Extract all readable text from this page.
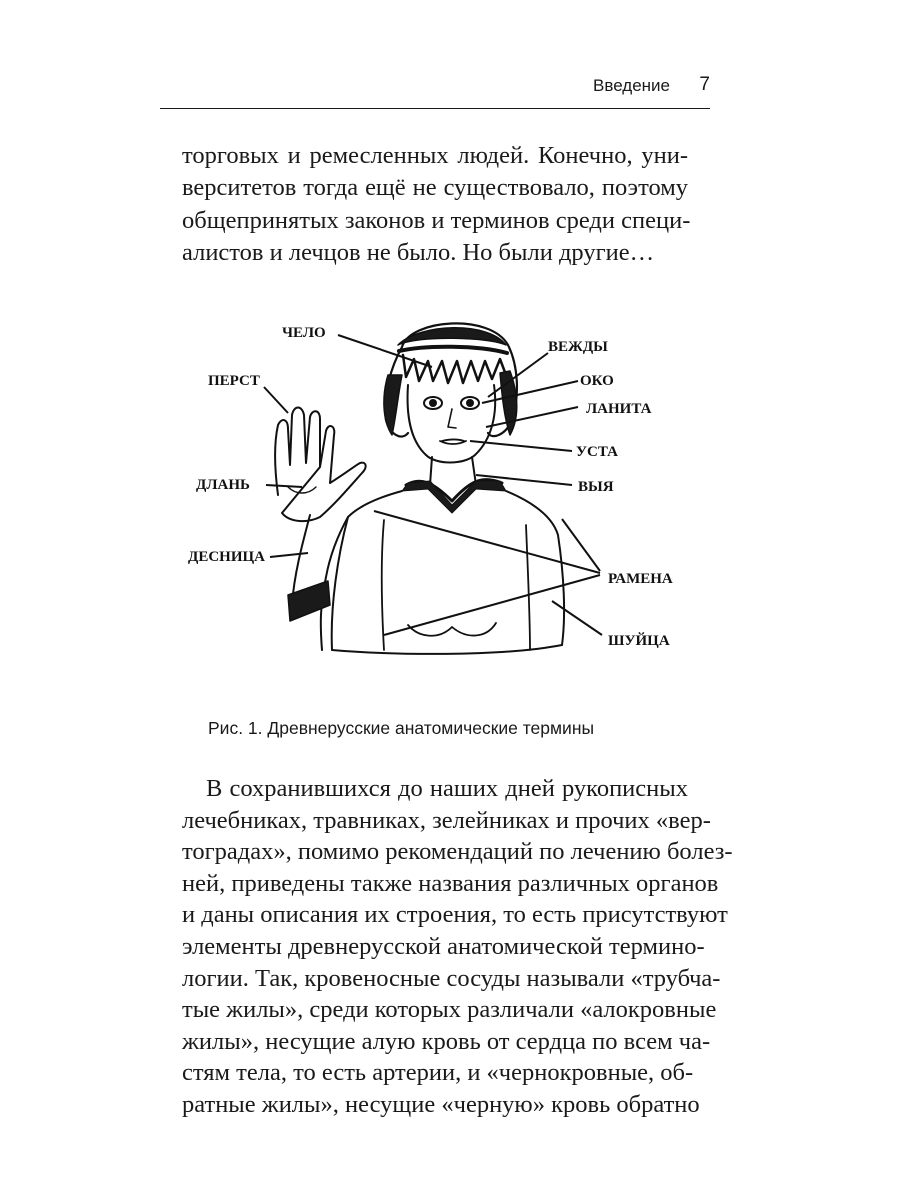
Введение 7

торговых и ремесленных людей. Конечно, уни-
верситетов тогда ещё не существовало, поэтому
общепринятых законов и терминов среди специ-
алистов и лечцов не было. Но были другие…

ЧЕЛО
ВЕЖДЫ
ОКО
ПЕРСТ
ЛАНИТА
УСТА
ДЛАНЬ	ВЫЯ
ДЕСНИЦА
РАМЕНА
ШУЙЦА
Рис. 1. Древнерусские анатомические термины

В сохранившихся до наших дней рукописных
лечебниках, травниках, зелейниках и прочих «вер-
тоградах», помимо рекомендаций по лечению болез-
ней, приведены также названия различных органов
и даны описания их строения, то есть присутствуют
элементы древнерусской анатомической термино-
логии. Так, кровеносные сосуды называли «трубча-
тые жилы», среди которых различали «алокровные
жилы», несущие алую кровь от сердца по всем ча-
стям тела, то есть артерии, и «чернокровные, об-
ратные жилы», несущие «черную» кровь обратно
